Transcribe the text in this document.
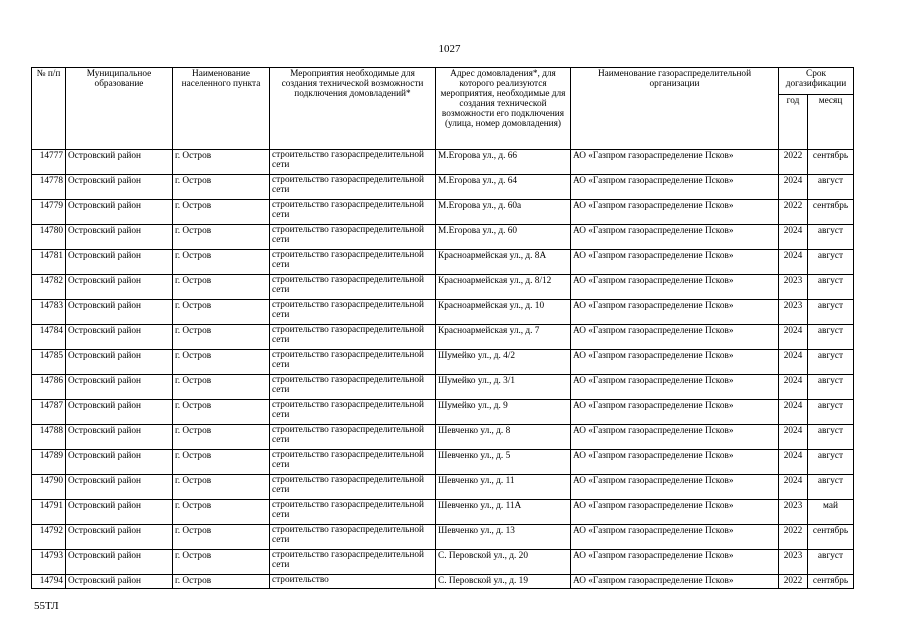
1027
№ п/п	Муниципальное образование	Наименование населенного пункта	Мероприятия необходимые для создания технической возможности подключения домовладений*	Адрес домовладения*, для которого реализуются мероприятия, необходимые для создания технической возможности его подключения (улица, номер домовладения)	Наименование газораспределительной организации	Срок догазификации	
						год	месяц
14777	Островский район	г. Остров	строительство газораспределительной сети	М.Егорова ул., д. 66	АО «Газпром газораспределение Псков»	2022	сентябрь
14778	Островский район	г. Остров	строительство газораспределительной сети	М.Егорова ул., д. 64	АО «Газпром газораспределение Псков»	2024	август
14779	Островский район	г. Остров	строительство газораспределительной сети	М.Егорова ул., д. 60а	АО «Газпром газораспределение Псков»	2022	сентябрь
14780	Островский район	г. Остров	строительство газораспределительной сети	М.Егорова ул., д. 60	АО «Газпром газораспределение Псков»	2024	август
14781	Островский район	г. Остров	строительство газораспределительной сети	Красноармейская ул., д. 8А	АО «Газпром газораспределение Псков»	2024	август
14782	Островский район	г. Остров	строительство газораспределительной сети	Красноармейская ул., д. 8/12	АО «Газпром газораспределение Псков»	2023	август
14783	Островский район	г. Остров	строительство газораспределительной сети	Красноармейская ул., д. 10	АО «Газпром газораспределение Псков»	2023	август
14784	Островский район	г. Остров	строительство газораспределительной сети	Красноармейская ул., д. 7	АО «Газпром газораспределение Псков»	2024	август
14785	Островский район	г. Остров	строительство газораспределительной сети	Шумейко ул., д. 4/2	АО «Газпром газораспределение Псков»	2024	август
14786	Островский район	г. Остров	строительство газораспределительной сети	Шумейко ул., д. 3/1	АО «Газпром газораспределение Псков»	2024	август
14787	Островский район	г. Остров	строительство газораспределительной сети	Шумейко ул., д. 9	АО «Газпром газораспределение Псков»	2024	август
14788	Островский район	г. Остров	строительство газораспределительной сети	Шевченко ул., д. 8	АО «Газпром газораспределение Псков»	2024	август
14789	Островский район	г. Остров	строительство газораспределительной сети	Шевченко ул., д. 5	АО «Газпром газораспределение Псков»	2024	август
14790	Островский район	г. Остров	строительство газораспределительной сети	Шевченко ул., д. 11	АО «Газпром газораспределение Псков»	2024	август
14791	Островский район	г. Остров	строительство газораспределительной сети	Шевченко ул., д. 11А	АО «Газпром газораспределение Псков»	2023	май
14792	Островский район	г. Остров	строительство газораспределительной сети	Шевченко ул., д. 13	АО «Газпром газораспределение Псков»	2022	сентябрь
14793	Островский район	г. Остров	строительство газораспределительной сети	С. Перовской ул., д. 20	АО «Газпром газораспределение Псков»	2023	август
14794	Островский район	г. Остров	строительство	С. Перовской ул., д. 19	АО «Газпром газораспределение Псков»	2022	сентябрь
55ТЛ
